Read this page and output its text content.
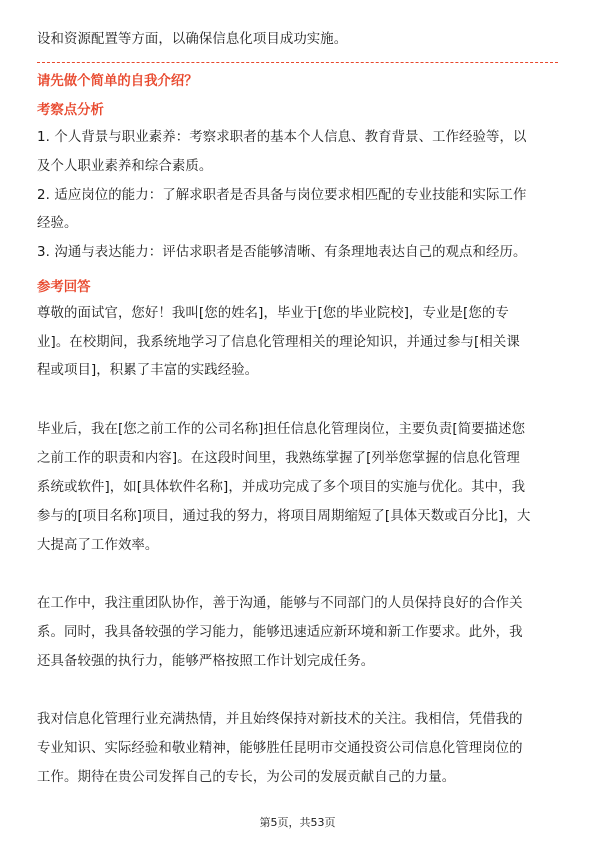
设和资源配置等方面，以确保信息化项目成功实施。
请先做个简单的自我介绍？
考察点分析
1. 个人背景与职业素养：考察求职者的基本个人信息、教育背景、工作经验等，以
及个人职业素养和综合素质。
2. 适应岗位的能力：了解求职者是否具备与岗位要求相匹配的专业技能和实际工作
经验。
3. 沟通与表达能力：评估求职者是否能够清晰、有条理地表达自己的观点和经历。
参考回答
尊敬的面试官，您好！我叫[您的姓名]，毕业于[您的毕业院校]，专业是[您的专
业]。在校期间，我系统地学习了信息化管理相关的理论知识，并通过参与[相关课
程或项目]，积累了丰富的实践经验。
毕业后，我在[您之前工作的公司名称]担任信息化管理岗位，主要负责[简要描述您
之前工作的职责和内容]。在这段时间里，我熟练掌握了[列举您掌握的信息化管理
系统或软件]，如[具体软件名称]，并成功完成了多个项目的实施与优化。其中，我
参与的[项目名称]项目，通过我的努力，将项目周期缩短了[具体天数或百分比]，大
大提高了工作效率。
在工作中，我注重团队协作，善于沟通，能够与不同部门的人员保持良好的合作关
系。同时，我具备较强的学习能力，能够迅速适应新环境和新工作要求。此外，我
还具备较强的执行力，能够严格按照工作计划完成任务。
我对信息化管理行业充满热情，并且始终保持对新技术的关注。我相信，凭借我的
专业知识、实际经验和敬业精神，能够胜任昆明市交通投资公司信息化管理岗位的
工作。期待在贵公司发挥自己的专长，为公司的发展贡献自己的力量。
第5页，共53页
